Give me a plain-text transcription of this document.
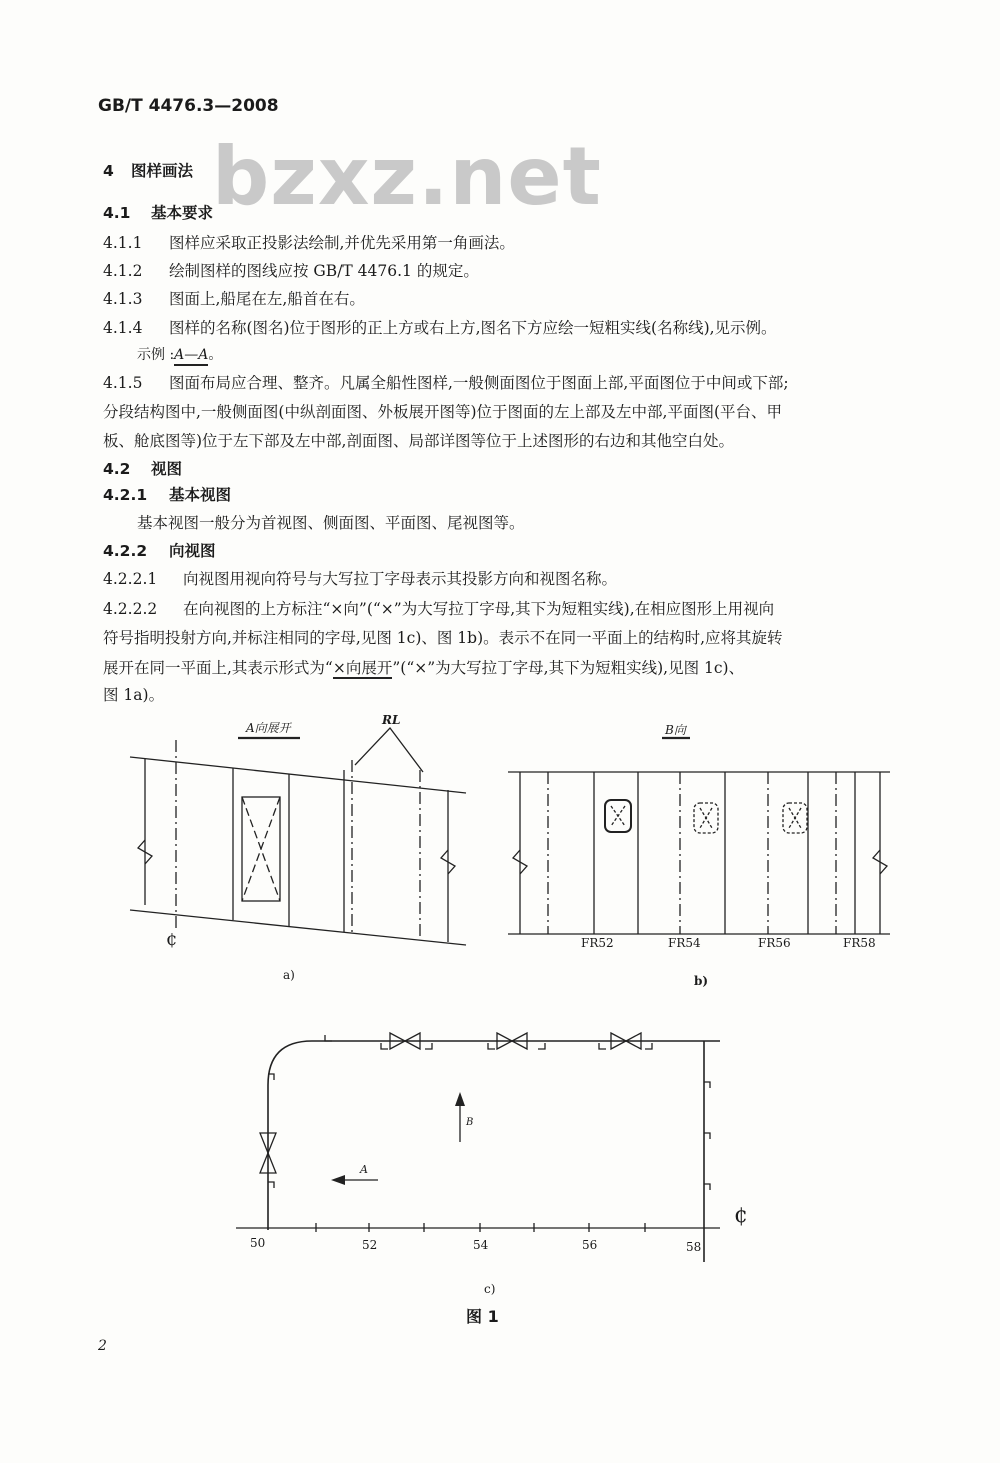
GB/T 4476.3—2008
bzxz.net
4 图样画法
4.1 基本要求
4.1.1 图样应采取正投影法绘制,并优先采用第一角画法。
4.1.2 绘制图样的图线应按 GB/T 4476.1 的规定。
4.1.3 图面上,船尾在左,船首在右。
4.1.4 图样的名称(图名)位于图形的正上方或右上方,图名下方应绘一短粗实线(名称线),见示例。
示例 :A—A。
4.1.5 图面布局应合理、整齐。凡属全船性图样,一般侧面图位于图面上部,平面图位于中间或下部;
分段结构图中,一般侧面图(中纵剖面图、外板展开图等)位于图面的左上部及左中部,平面图(平台、甲
板、舱底图等)位于左下部及左中部,剖面图、局部详图等位于上述图形的右边和其他空白处。
4.2 视图
4.2.1 基本视图
基本视图一般分为首视图、侧面图、平面图、尾视图等。
4.2.2 向视图
4.2.2.1 向视图用视向符号与大写拉丁字母表示其投影方向和视图名称。
4.2.2.2 在向视图的上方标注“×向”(“×”为大写拉丁字母,其下为短粗实线),在相应图形上用视向
符号指明投射方向,并标注相同的字母,见图 1c)、图 1b)。表示不在同一平面上的结构时,应将其旋转
展开在同一平面上,其表示形式为“×向展开”(“×”为大写拉丁字母,其下为短粗实线),见图 1c)、
图 1a)。
A向展开
RL
¢
a)
B向
FR52	FR54	FR56	FR58
b)
B
A
¢
50	52	54	56	58
c)
图 1
2
